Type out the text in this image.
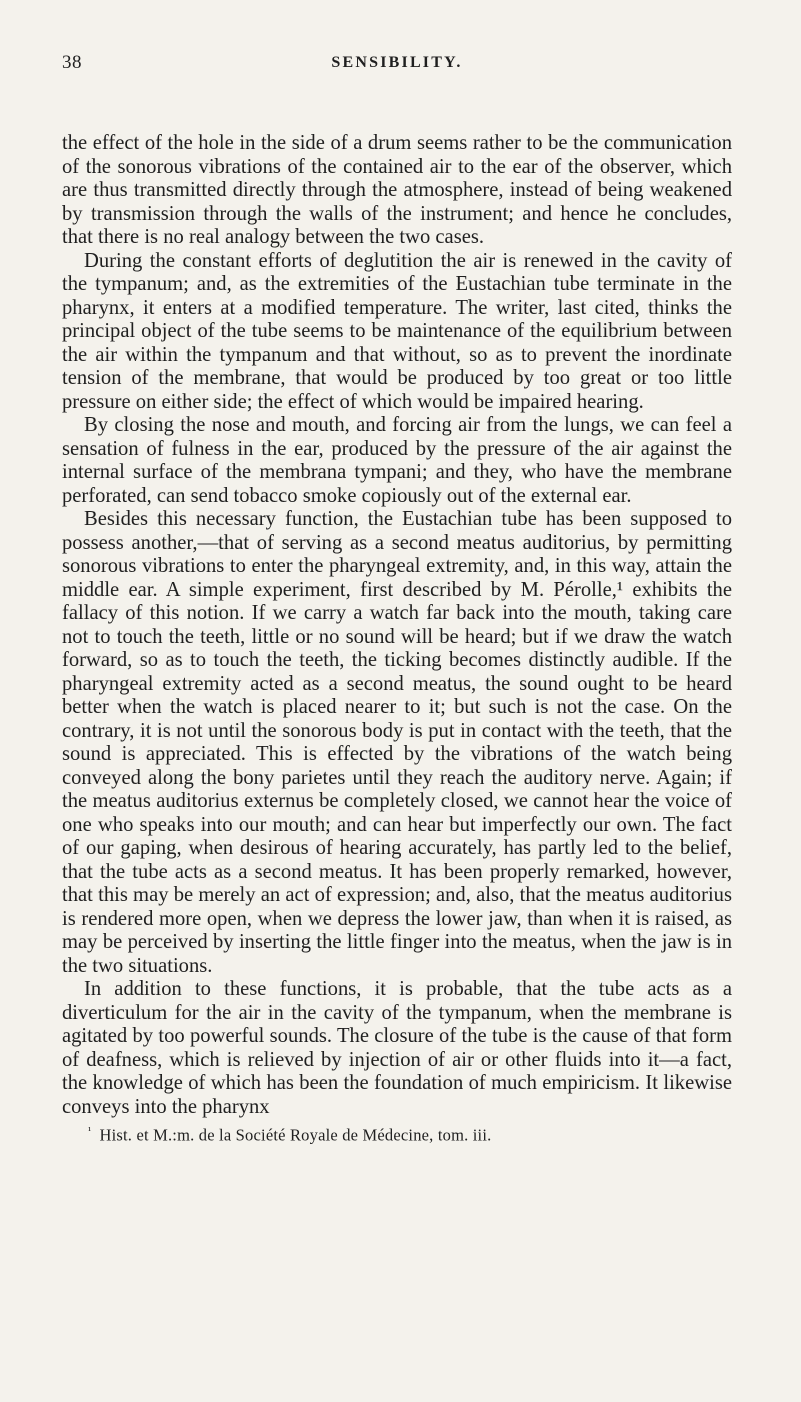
38	SENSIBILITY.

the effect of the hole in the side of a drum seems rather to be the communication of the sonorous vibrations of the contained air to the ear of the observer, which are thus transmitted directly through the atmosphere, instead of being weakened by transmission through the walls of the instrument; and hence he concludes, that there is no real analogy between the two cases.

During the constant efforts of deglutition the air is renewed in the cavity of the tympanum; and, as the extremities of the Eustachian tube terminate in the pharynx, it enters at a modified temperature. The writer, last cited, thinks the principal object of the tube seems to be maintenance of the equilibrium between the air within the tympanum and that without, so as to prevent the inordinate tension of the membrane, that would be produced by too great or too little pressure on either side; the effect of which would be impaired hearing.

By closing the nose and mouth, and forcing air from the lungs, we can feel a sensation of fulness in the ear, produced by the pressure of the air against the internal surface of the membrana tympani; and they, who have the membrane perforated, can send tobacco smoke copiously out of the external ear.

Besides this necessary function, the Eustachian tube has been supposed to possess another,—that of serving as a second meatus auditorius, by permitting sonorous vibrations to enter the pharyngeal extremity, and, in this way, attain the middle ear. A simple experiment, first described by M. Pérolle,¹ exhibits the fallacy of this notion. If we carry a watch far back into the mouth, taking care not to touch the teeth, little or no sound will be heard; but if we draw the watch forward, so as to touch the teeth, the ticking becomes distinctly audible. If the pharyngeal extremity acted as a second meatus, the sound ought to be heard better when the watch is placed nearer to it; but such is not the case. On the contrary, it is not until the sonorous body is put in contact with the teeth, that the sound is appreciated. This is effected by the vibrations of the watch being conveyed along the bony parietes until they reach the auditory nerve. Again; if the meatus auditorius externus be completely closed, we cannot hear the voice of one who speaks into our mouth; and can hear but imperfectly our own. The fact of our gaping, when desirous of hearing accurately, has partly led to the belief, that the tube acts as a second meatus. It has been properly remarked, however, that this may be merely an act of expression; and, also, that the meatus auditorius is rendered more open, when we depress the lower jaw, than when it is raised, as may be perceived by inserting the little finger into the meatus, when the jaw is in the two situations.

In addition to these functions, it is probable, that the tube acts as a diverticulum for the air in the cavity of the tympanum, when the membrane is agitated by too powerful sounds. The closure of the tube is the cause of that form of deafness, which is relieved by injection of air or other fluids into it—a fact, the knowledge of which has been the foundation of much empiricism. It likewise conveys into the pharynx

$^{^1}$ Hist. et M.:m. de la Société Royale de Médecine, tom. iii.
